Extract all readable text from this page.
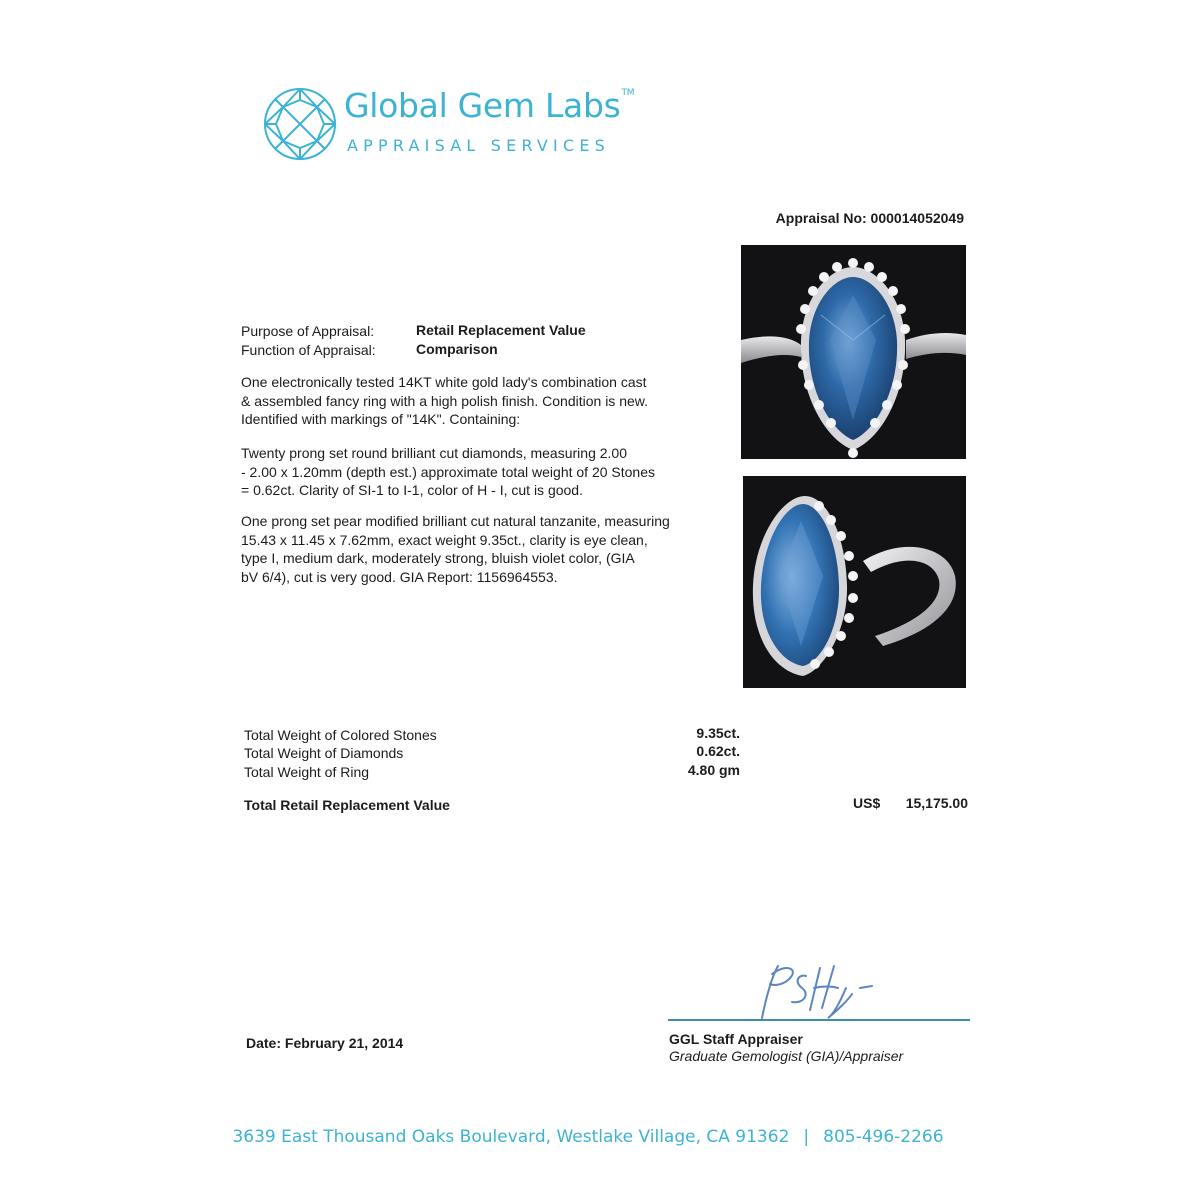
Global Gem Labs™
APPRAISAL SERVICES
Appraisal No: 000014052049
Purpose of Appraisal:	Retail Replacement Value
Function of Appraisal:	Comparison
One electronically tested 14KT white gold lady's combination cast
& assembled fancy ring with a high polish finish. Condition is new.
Identified with markings of "14K". Containing:
Twenty prong set round brilliant cut diamonds, measuring 2.00
- 2.00 x 1.20mm (depth est.) approximate total weight of 20 Stones
= 0.62ct. Clarity of SI-1 to I-1, color of H - I, cut is good.
One prong set pear modified brilliant cut natural tanzanite, measuring
15.43 x 11.45 x 7.62mm, exact weight 9.35ct., clarity is eye clean,
type I, medium dark, moderately strong, bluish violet color, (GIA
bV 6/4), cut is very good. GIA Report: 1156964553.
Total Weight of Colored Stones	9.35ct.
Total Weight of Diamonds	0.62ct.
Total Weight of Ring	4.80 gm
Total Retail Replacement Value	US$ 15,175.00
Date: February 21, 2014	GGL Staff Appraiser
Graduate Gemologist (GIA)/Appraiser
3639 East Thousand Oaks Boulevard, Westlake Village, CA 91362 | 805-496-2266
